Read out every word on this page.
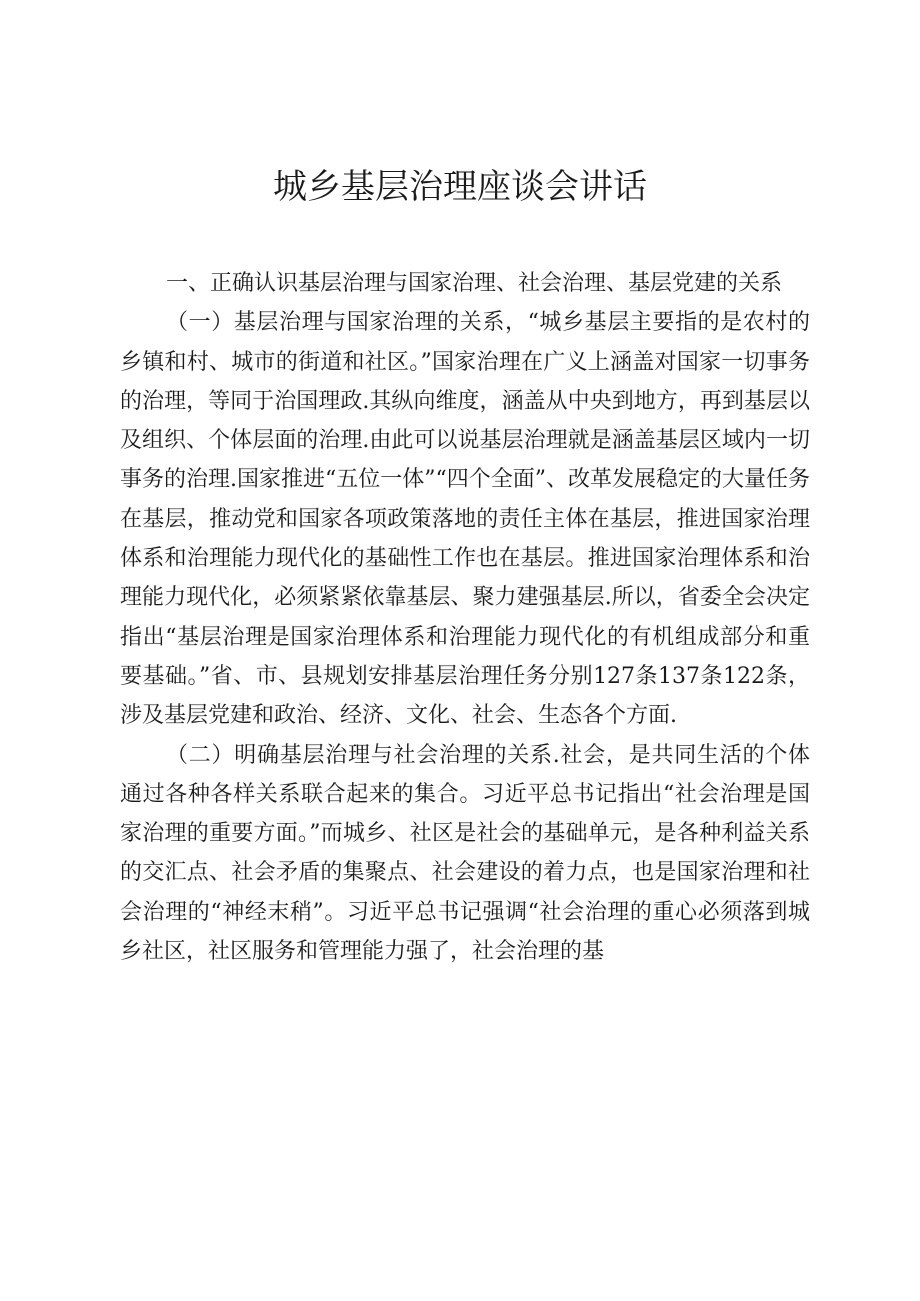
城乡基层治理座谈会讲话

一、正确认识基层治理与国家治理、社会治理、基层党建的关系

（一）基层治理与国家治理的关系，“城乡基层主要指的是农村的乡镇和村、城市的街道和社区。”国家治理在广义上涵盖对国家一切事务的治理，等同于治国理政.其纵向维度，涵盖从中央到地方，再到基层以及组织、个体层面的治理.由此可以说基层治理就是涵盖基层区域内一切事务的治理.国家推进“五位一体”“四个全面”、改革发展稳定的大量任务在基层，推动党和国家各项政策落地的责任主体在基层，推进国家治理体系和治理能力现代化的基础性工作也在基层。推进国家治理体系和治理能力现代化，必须紧紧依靠基层、聚力建强基层.所以，省委全会决定指出“基层治理是国家治理体系和治理能力现代化的有机组成部分和重要基础。”省、市、县规划安排基层治理任务分别127条137条122条，涉及基层党建和政治、经济、文化、社会、生态各个方面.

（二）明确基层治理与社会治理的关系.社会，是共同生活的个体通过各种各样关系联合起来的集合。习近平总书记指出“社会治理是国家治理的重要方面。”而城乡、社区是社会的基础单元，是各种利益关系的交汇点、社会矛盾的集聚点、社会建设的着力点，也是国家治理和社会治理的“神经末稍”。习近平总书记强调“社会治理的重心必须落到城乡社区，社区服务和管理能力强了，社会治理的基
